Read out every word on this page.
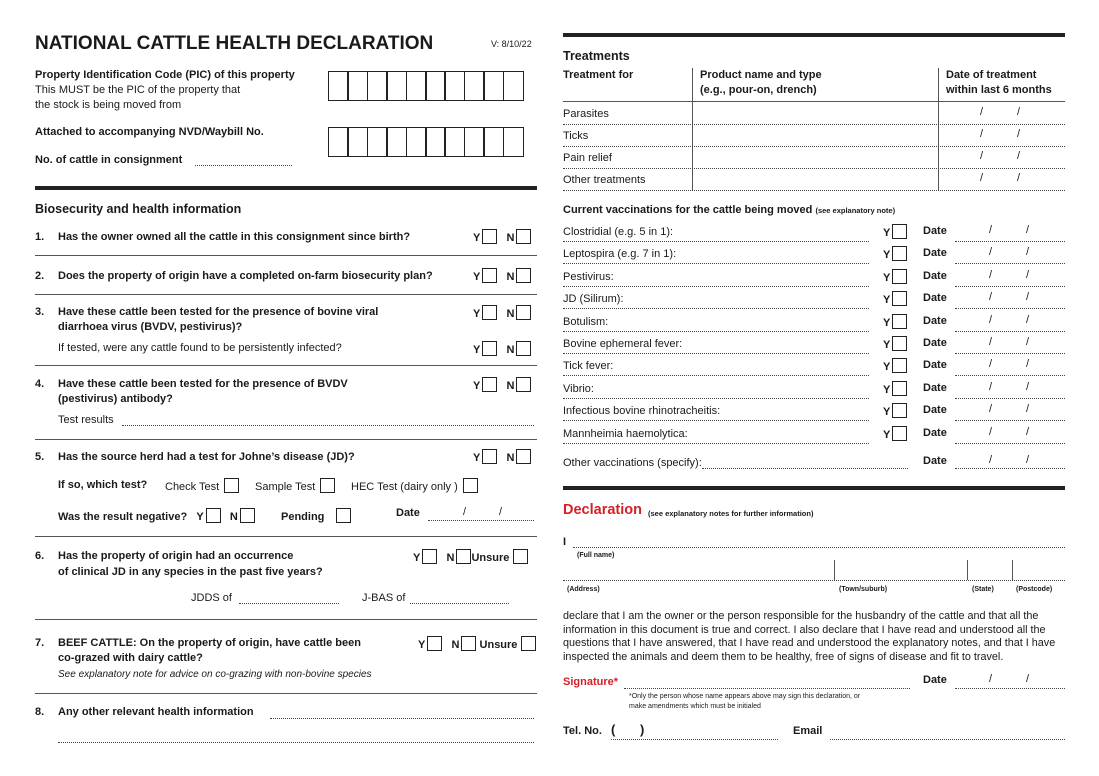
NATIONAL CATTLE HEALTH DECLARATION	V: 8/10/22
Property Identification Code (PIC) of this property
This MUST be the PIC of the property that
the stock is being moved from
Attached to accompanying NVD/Waybill No.
No. of cattle in consignment
Biosecurity and health information
1. Has the owner owned all the cattle in this consignment since birth?	Y N
2. Does the property of origin have a completed on-farm biosecurity plan?	Y N
3. Have these cattle been tested for the presence of bovine viral
diarrhoea virus (BVDV, pestivirus)?
Y N
If tested, were any cattle found to be persistently infected?	Y N
4. Have these cattle been tested for the presence of BVDV
(pestivirus) antibody?
Y N
Test results
5. Has the source herd had a test for Johne’s disease (JD)?	Y N
If so, which test? Check Test	Sample Test	HEC Test (dairy only )
Was the result negative? Y N	Pending	Date	/	/
6. Has the property of origin had an occurrence
of clinical JD in any species in the past five years?
Y N Unsure
JDDS of	J-BAS of
7. BEEF CATTLE: On the property of origin, have cattle been
co-grazed with dairy cattle?
See explanatory note for advice on co-grazing with non-bovine species
Y N Unsure
8. Any other relevant health information
Treatments
Treatment for	Product name and type
(e.g., pour-on, drench)
Date of treatment
within last 6 months
Parasites	/	/
Ticks	/	/
Pain relief	/	/
Other treatments	/	/
Current vaccinations for the cattle being moved (see explanatory note)
Clostridial (e.g. 5 in 1):	Y	Date	/	/
Leptospira (e.g. 7 in 1):	Y	Date	/	/
Pestivirus:	Y	Date	/	/
JD (Silirum):	Y	Date	/	/
Botulism:	Y	Date	/	/
Bovine ephemeral fever:	Y	Date	/	/
Tick fever:	Y	Date	/	/
Vibrio:	Y	Date	/	/
Infectious bovine rhinotracheitis:	Y	Date	/	/
Mannheimia haemolytica:	Y	Date	/	/
Other vaccinations (specify):	Date	/	/
Declaration (see explanatory notes for further information)
I
(Full name)
(Address)	(Town/suburb)	(State)	(Postcode)
declare that I am the owner or the person responsible for the husbandry of the cattle and that all the
information in this document is true and correct. I also declare that I have read and understood all the
questions that I have answered, that I have read and understood the explanatory notes, and that I have
inspected the animals and deem them to be healthy, free of signs of disease and fit to travel.
Signature*	Date	/	/
*Only the person whose name appears above may sign this declaration, or
make amendments which must be initialed
Tel. No. ( )	Email
